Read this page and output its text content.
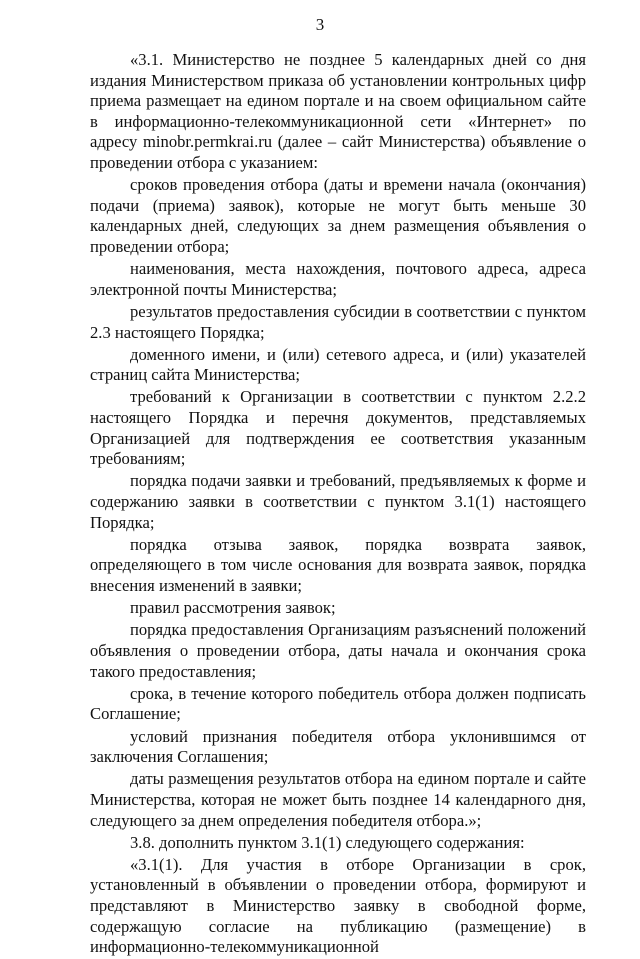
3

«3.1. Министерство не позднее 5 календарных дней со дня издания Министерством приказа об установлении контрольных цифр приема размещает на едином портале и на своем официальном сайте в информационно-телекоммуникационной сети «Интернет» по адресу minobr.permkrai.ru (далее – сайт Министерства) объявление о проведении отбора с указанием:

сроков проведения отбора (даты и времени начала (окончания) подачи (приема) заявок), которые не могут быть меньше 30 календарных дней, следующих за днем размещения объявления о проведении отбора;

наименования, места нахождения, почтового адреса, адреса электронной почты Министерства;

результатов предоставления субсидии в соответствии с пунктом 2.3 настоящего Порядка;

доменного имени, и (или) сетевого адреса, и (или) указателей страниц сайта Министерства;

требований к Организации в соответствии с пунктом 2.2.2 настоящего Порядка и перечня документов, представляемых Организацией для подтверждения ее соответствия указанным требованиям;

порядка подачи заявки и требований, предъявляемых к форме и содержанию заявки в соответствии с пунктом 3.1(1) настоящего Порядка;

порядка отзыва заявок, порядка возврата заявок, определяющего в том числе основания для возврата заявок, порядка внесения изменений в заявки;

правил рассмотрения заявок;

порядка предоставления Организациям разъяснений положений объявления о проведении отбора, даты начала и окончания срока такого предоставления;

срока, в течение которого победитель отбора должен подписать Соглашение;

условий признания победителя отбора уклонившимся от заключения Соглашения;

даты размещения результатов отбора на едином портале и сайте Министерства, которая не может быть позднее 14 календарного дня, следующего за днем определения победителя отбора.»;

3.8. дополнить пунктом 3.1(1) следующего содержания:

«3.1(1). Для участия в отборе Организации в срок, установленный в объявлении о проведении отбора, формируют и представляют в Министерство заявку в свободной форме, содержащую согласие на публикацию (размещение) в информационно-телекоммуникационной
